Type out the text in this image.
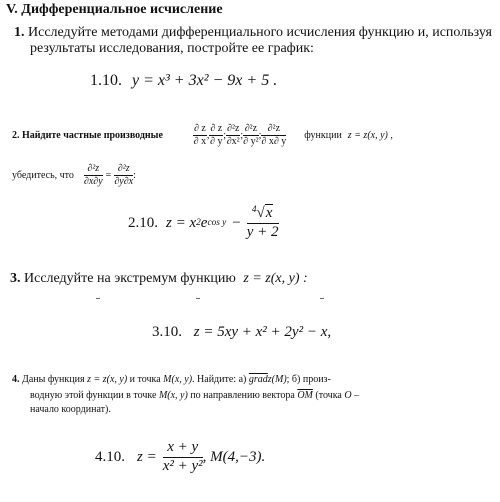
V. Дифференциальное исчисление
1. Исследуйте методами дифференциального исчисления функцию и, используя
результаты исследования, постройте ее график:
1.10. y = x³ + 3x² − 9x + 5 .
2. Найдите частные производные	$\frac{\partial z}{\partial x}$ , $\frac{\partial z}{\partial y}$ ; $\frac{\text{∂²z}}{\text{∂x²}}$ ; $\frac{\text{∂²z}}{\text{∂ y²}}$ ; $\frac{\text{∂²z}}{\partial x\partial y}$ функции z = z(x, y) ,
убедитесь, что $\frac{\text{∂²z}}{\partial x\partial y} = \frac{\text{∂²z}}{\partial y\partial x}$ :
2.10. z = x 2 e $\cos y - \frac{^4√x}{y + 2}$
3. Исследуйте на экстремум функцию z = z(x, y) :
3.10. z = 5xy + x² + 2y² − x,
4. Даны функция z = z(x, y) и точка M(x, y). Найдите: а) gradz(M); б) произ-
водную этой функции в точке M(x, y) по направлению вектора $\overline{OM}$ (точка O –
начало координат).
4.10. $z = \frac{x + y}{\text{x² + y²}}$ , M(4,−3).
